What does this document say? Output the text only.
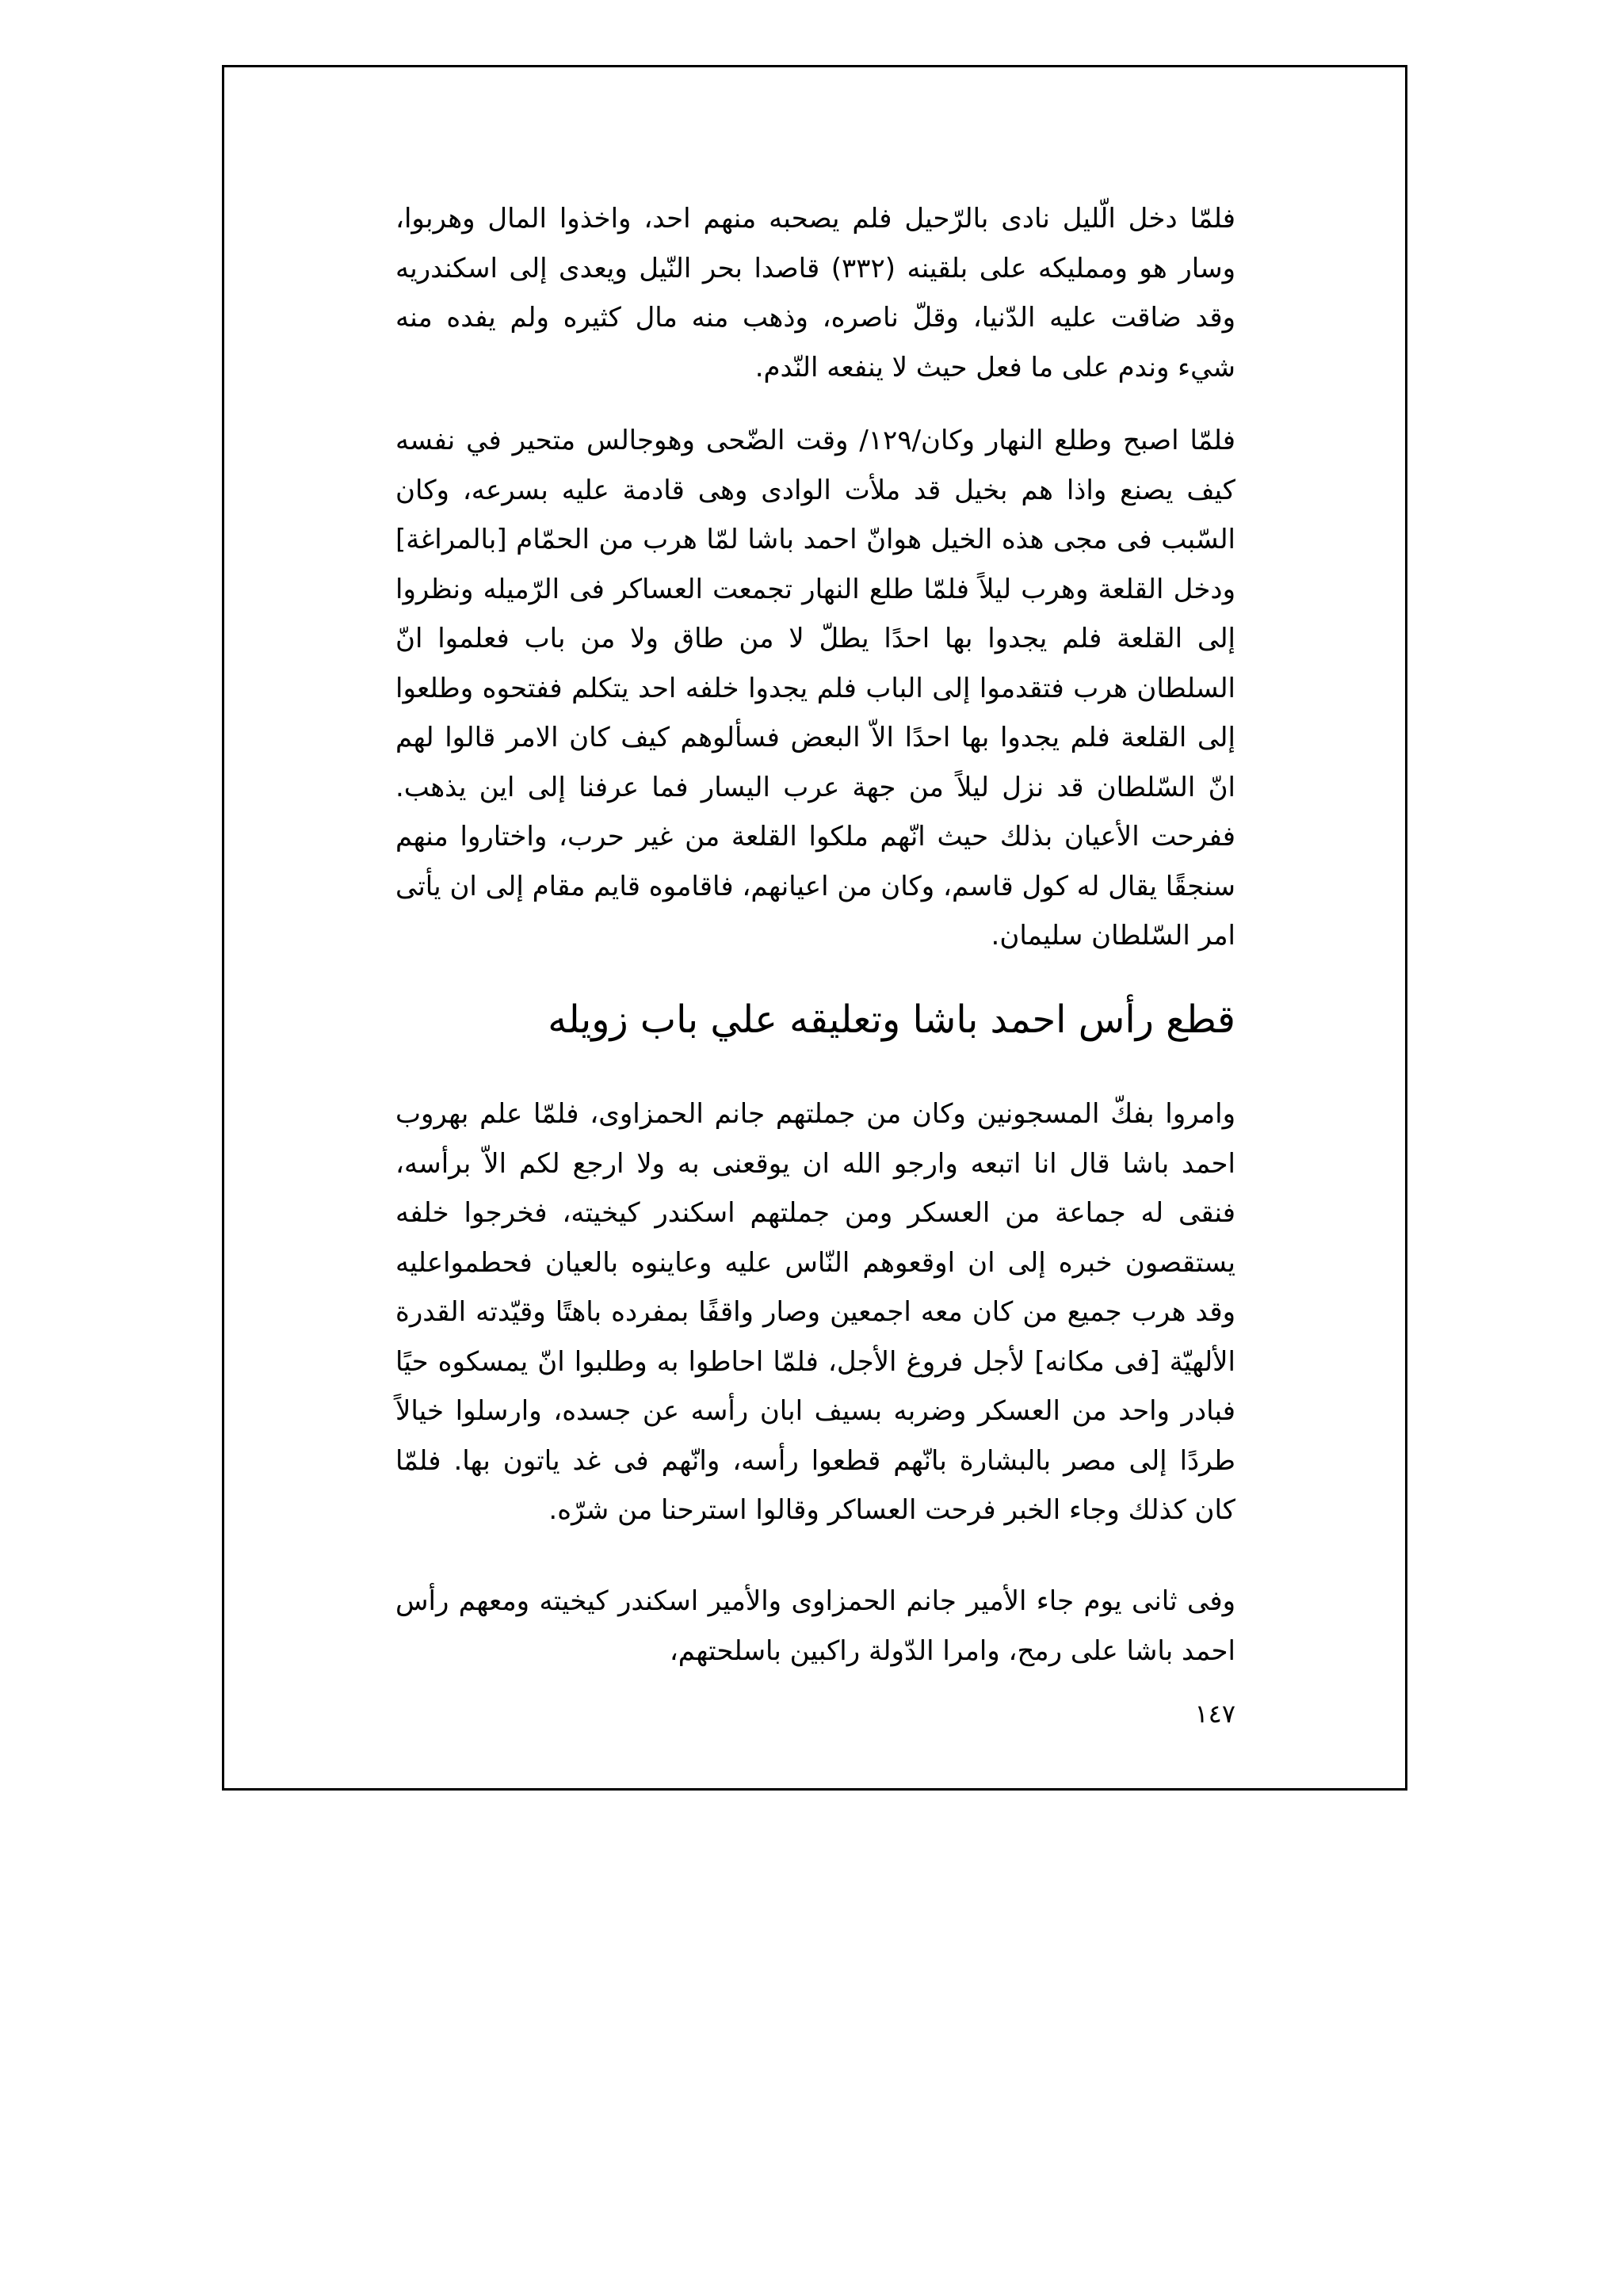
فلمّا دخل الّليل نادى بالرّحيل فلم يصحبه منهم احد، واخذوا المال وهربوا، وسار هو وممليكه على بلقينه (٣٣٢) قاصدا بحر النّيل ويعدى إلى اسكندريه وقد ضاقت عليه الدّنيا، وقلّ ناصره، وذهب منه مال كثيره ولم يفده منه شيء وندم على ما فعل حيث لا ينفعه النّدم.

فلمّا اصبح وطلع النهار وكان/١٢٩/ وقت الضّحى وهوجالس متحير في نفسه كيف يصنع واذا هم بخيل قد ملأت الوادى وهى قادمة عليه بسرعه، وكان السّبب فى مجى هذه الخيل هوانّ احمد باشا لمّا هرب من الحمّام [بالمراغة] ودخل القلعة وهرب ليلاً فلمّا طلع النهار تجمعت العساكر فى الرّميله ونظروا إلى القلعة فلم يجدوا بها احدًا يطلّ لا من طاق ولا من باب فعلموا انّ السلطان هرب فتقدموا إلى الباب فلم يجدوا خلفه احد يتكلم ففتحوه وطلعوا إلى القلعة فلم يجدوا بها احدًا الاّ البعض فسألوهم كيف كان الامر قالوا لهم انّ السّلطان قد نزل ليلاً من جهة عرب اليسار فما عرفنا إلى اين يذهب. ففرحت الأعيان بذلك حيث انّهم ملكوا القلعة من غير حرب، واختاروا منهم سنجقًا يقال له كول قاسم، وكان من اعيانهم، فاقاموه قايم مقام إلى ان يأتى امر السّلطان سليمان.

قطع رأس احمد باشا وتعليقه علي باب زويله

وامروا بفكّ المسجونين وكان من جملتهم جانم الحمزاوى، فلمّا علم بهروب احمد باشا قال انا اتبعه وارجو الله ان يوقعنى به ولا ارجع لكم الاّ برأسه، فنقى له جماعة من العسكر ومن جملتهم اسكندر كيخيته، فخرجوا خلفه يستقصون خبره إلى ان اوقعوهم النّاس عليه وعاينوه بالعيان فحطمواعليه وقد هرب جميع من كان معه اجمعين وصار واقفًا بمفرده باهتًا وقيّدته القدرة الألهيّة [فى مكانه] لأجل فروغ الأجل، فلمّا احاطوا به وطلبوا انّ يمسكوه حيًا فبادر واحد من العسكر وضربه بسيف ابان رأسه عن جسده، وارسلوا خيالاً طردًا إلى مصر بالبشارة بانّهم قطعوا رأسه، وانّهم فى غد ياتون بها. فلمّا كان كذلك وجاء الخبر فرحت العساكر وقالوا استرحنا من شرّه.

وفى ثانى يوم جاء الأمير جانم الحمزاوى والأمير اسكندر كيخيته ومعهم رأس احمد باشا على رمح، وامرا الدّولة راكبين باسلحتهم،

١٤٧
